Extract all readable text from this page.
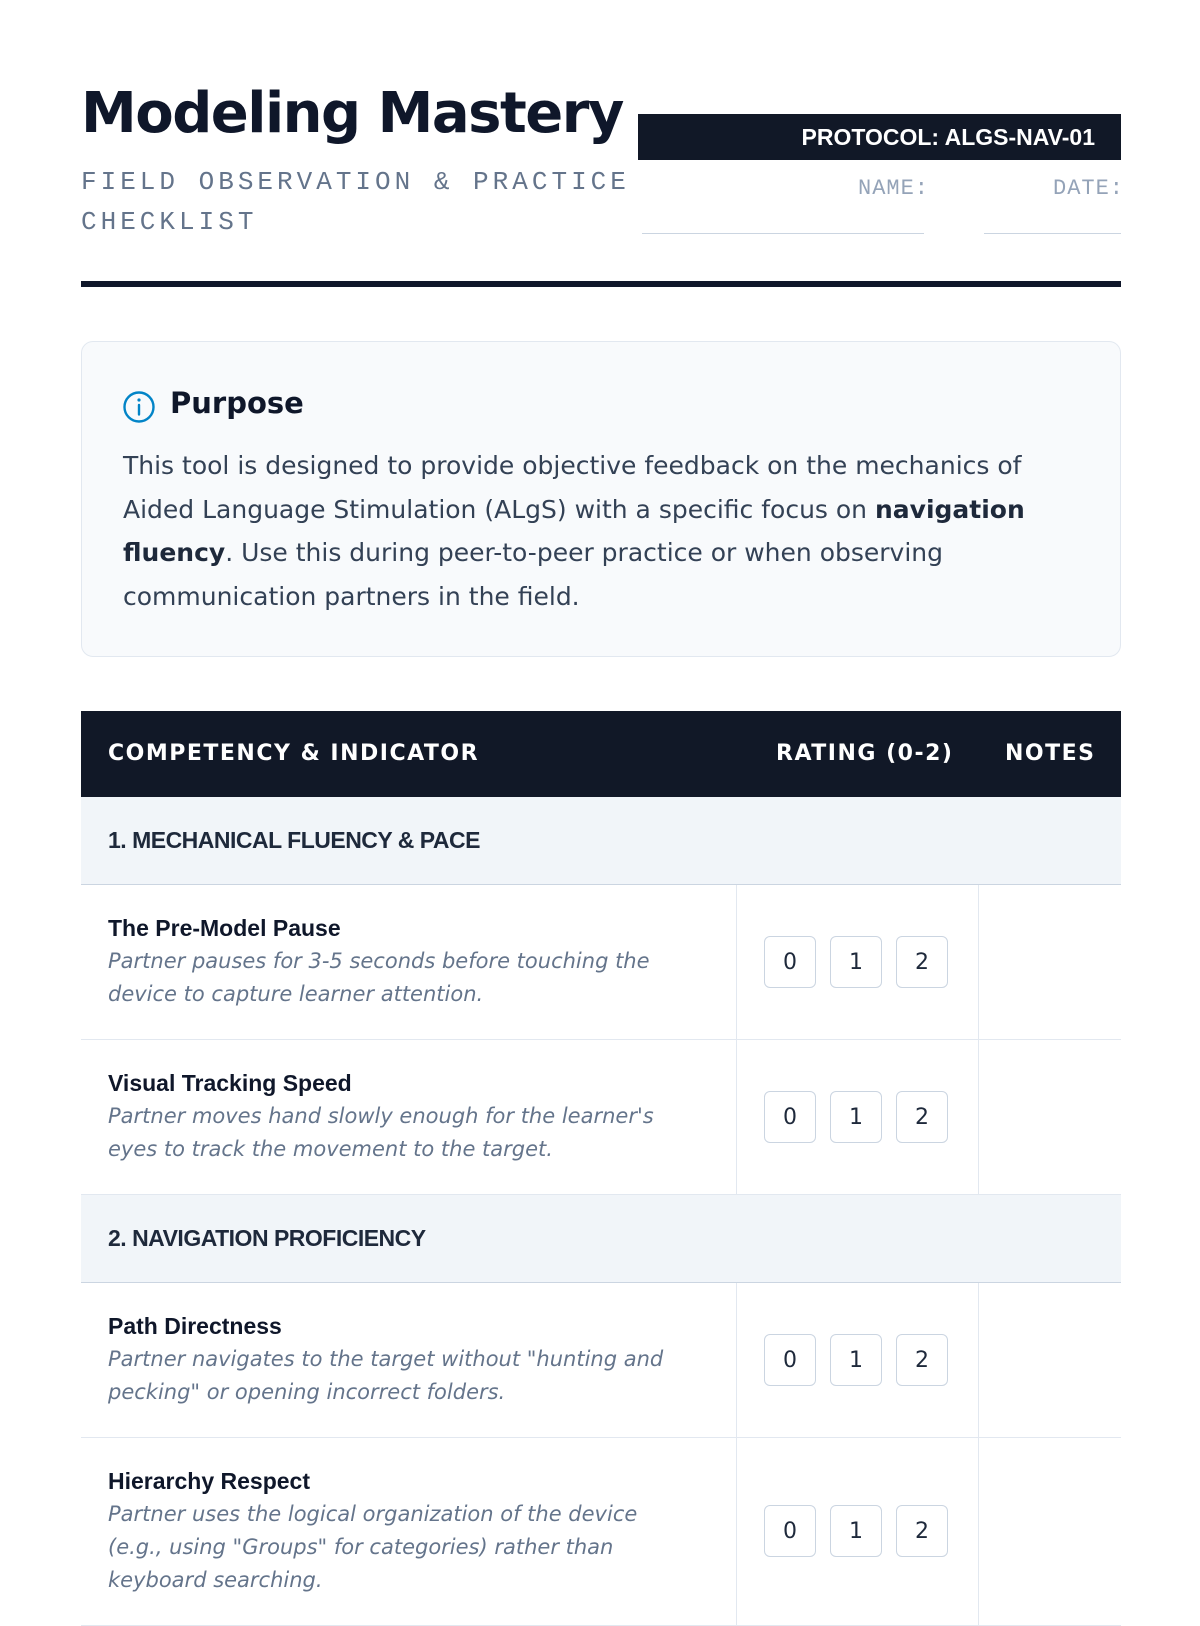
Modeling Mastery
FIELD OBSERVATION & PRACTICE CHECKLIST
PROTOCOL: ALGS-NAV-01
NAME:	DATE:
Purpose

This tool is designed to provide objective feedback on the mechanics of Aided Language Stimulation (ALgS) with a specific focus on navigation fluency. Use this during peer-to-peer practice or when observing communication partners in the field.

COMPETENCY & INDICATOR	RATING (0-2) NOTES
1. MECHANICAL FLUENCY & PACE
The Pre-Model Pause

Partner pauses for 3-5 seconds before touching the device to capture learner attention.

0	1	2
Visual Tracking Speed

Partner moves hand slowly enough for the learner's eyes to track the movement to the target.

0	1	2
2. NAVIGATION PROFICIENCY
Path Directness

Partner navigates to the target without "hunting and pecking" or opening incorrect folders.

0	1	2
Hierarchy Respect

Partner uses the logical organization of the device (e.g., using "Groups" for categories) rather than keyboard searching.

0	1	2
